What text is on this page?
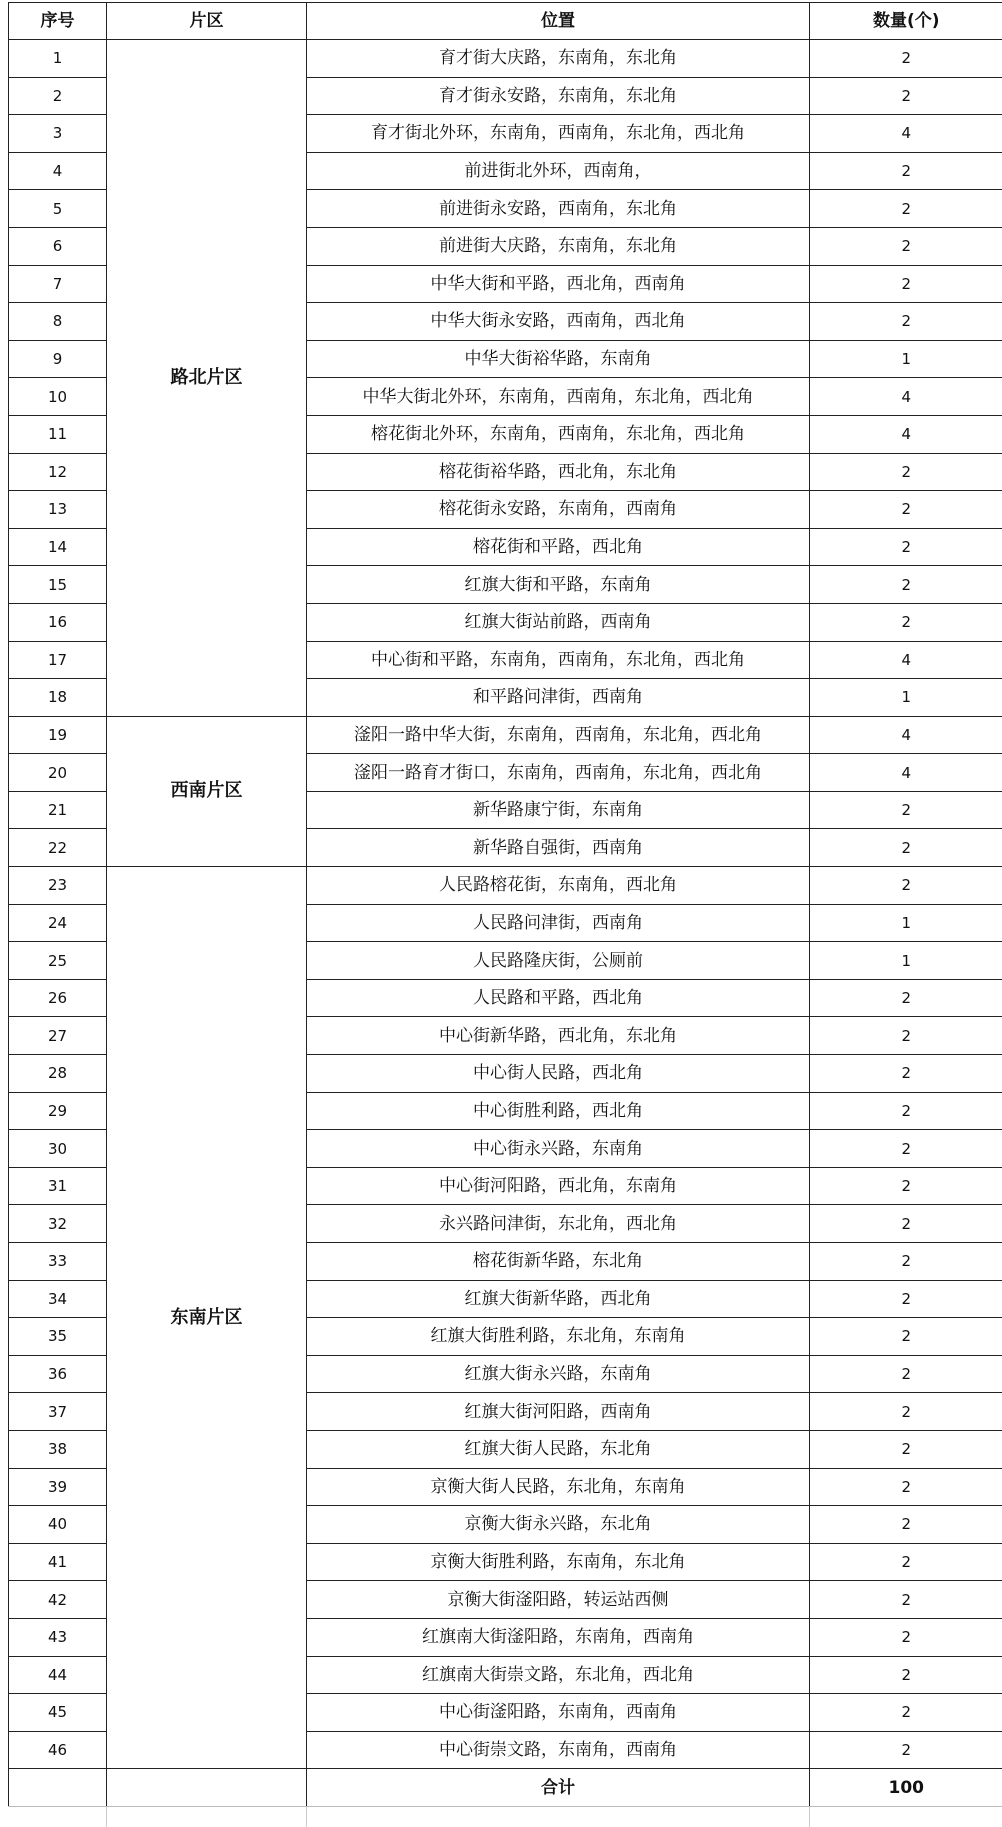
序号	片区	位置	数量(个)
1	路北片区	育才街大庆路，东南角，东北角	2
2		育才街永安路，东南角，东北角	2
3		育才街北外环，东南角，西南角，东北角，西北角	4
4		前进街北外环，西南角，	2
5		前进街永安路，西南角，东北角	2
6		前进街大庆路，东南角，东北角	2
7		中华大街和平路，西北角，西南角	2
8		中华大街永安路，西南角，西北角	2
9		中华大街裕华路，东南角	1
10		中华大街北外环，东南角，西南角，东北角，西北角	4
11		榕花街北外环，东南角，西南角，东北角，西北角	4
12		榕花街裕华路，西北角，东北角	2
13		榕花街永安路，东南角，西南角	2
14		榕花街和平路，西北角	2
15		红旗大街和平路，东南角	2
16		红旗大街站前路，西南角	2
17		中心街和平路，东南角，西南角，东北角，西北角	4
18		和平路问津街，西南角	1
19	西南片区	滏阳一路中华大街，东南角，西南角，东北角，西北角	4
20		滏阳一路育才街口，东南角，西南角，东北角，西北角	4
21		新华路康宁街，东南角	2
22		新华路自强街，西南角	2
23	东南片区	人民路榕花街，东南角，西北角	2
24		人民路问津街，西南角	1
25		人民路隆庆街，公厕前	1
26		人民路和平路，西北角	2
27		中心街新华路，西北角，东北角	2
28		中心街人民路，西北角	2
29		中心街胜利路，西北角	2
30		中心街永兴路，东南角	2
31		中心街河阳路，西北角，东南角	2
32		永兴路问津街，东北角，西北角	2
33		榕花街新华路，东北角	2
34		红旗大街新华路，西北角	2
35		红旗大街胜利路，东北角，东南角	2
36		红旗大街永兴路，东南角	2
37		红旗大街河阳路，西南角	2
38		红旗大街人民路，东北角	2
39		京衡大街人民路，东北角，东南角	2
40		京衡大街永兴路，东北角	2
41		京衡大街胜利路，东南角，东北角	2
42		京衡大街滏阳路，转运站西侧	2
43		红旗南大街滏阳路，东南角，西南角	2
44		红旗南大街崇文路，东北角，西北角	2
45		中心街滏阳路，东南角，西南角	2
46		中心街崇文路，东南角，西南角	2
		合计	100
